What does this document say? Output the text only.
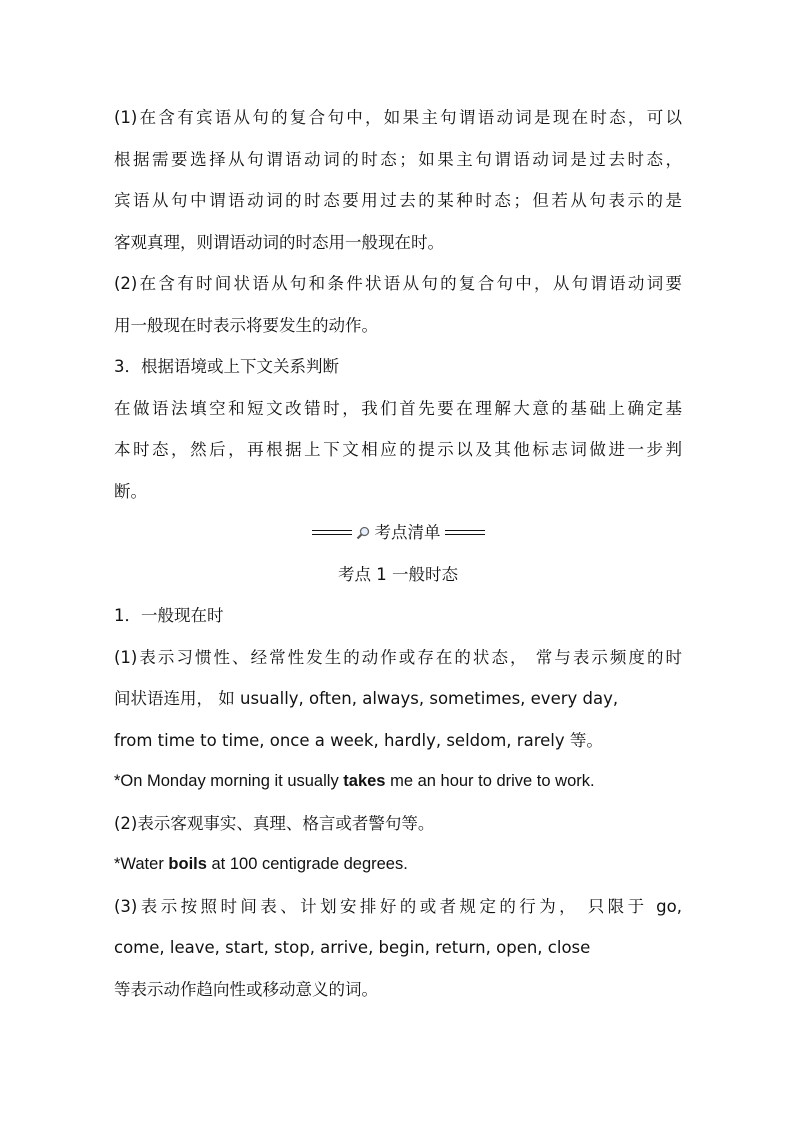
(1)在含有宾语从句的复合句中，如果主句谓语动词是现在时态，可以
根据需要选择从句谓语动词的时态；如果主句谓语动词是过去时态，
宾语从句中谓语动词的时态要用过去的某种时态；但若从句表示的是
客观真理，则谓语动词的时态用一般现在时。
(2)在含有时间状语从句和条件状语从句的复合句中，从句谓语动词要
用一般现在时表示将要发生的动作。
3．根据语境或上下文关系判断
在做语法填空和短文改错时，我们首先要在理解大意的基础上确定基
本时态，然后，再根据上下文相应的提示以及其他标志词做进一步判
断。
考点清单
考点 1 一般时态
1．一般现在时
(1)表示习惯性、经常性发生的动作或存在的状态， 常与表示频度的时
间状语连用， 如 usually, often, always, sometimes, every day,
from time to time, once a week, hardly, seldom, rarely 等。
*On Monday morning it usually takes me an hour to drive to work.
(2)表示客观事实、真理、格言或者警句等。
*Water boils at 100 centigrade degrees.
(3)表示按照时间表、计划安排好的或者规定的行为， 只限于 go,
come, leave, start, stop, arrive, begin, return, open, close
等表示动作趋向性或移动意义的词。
